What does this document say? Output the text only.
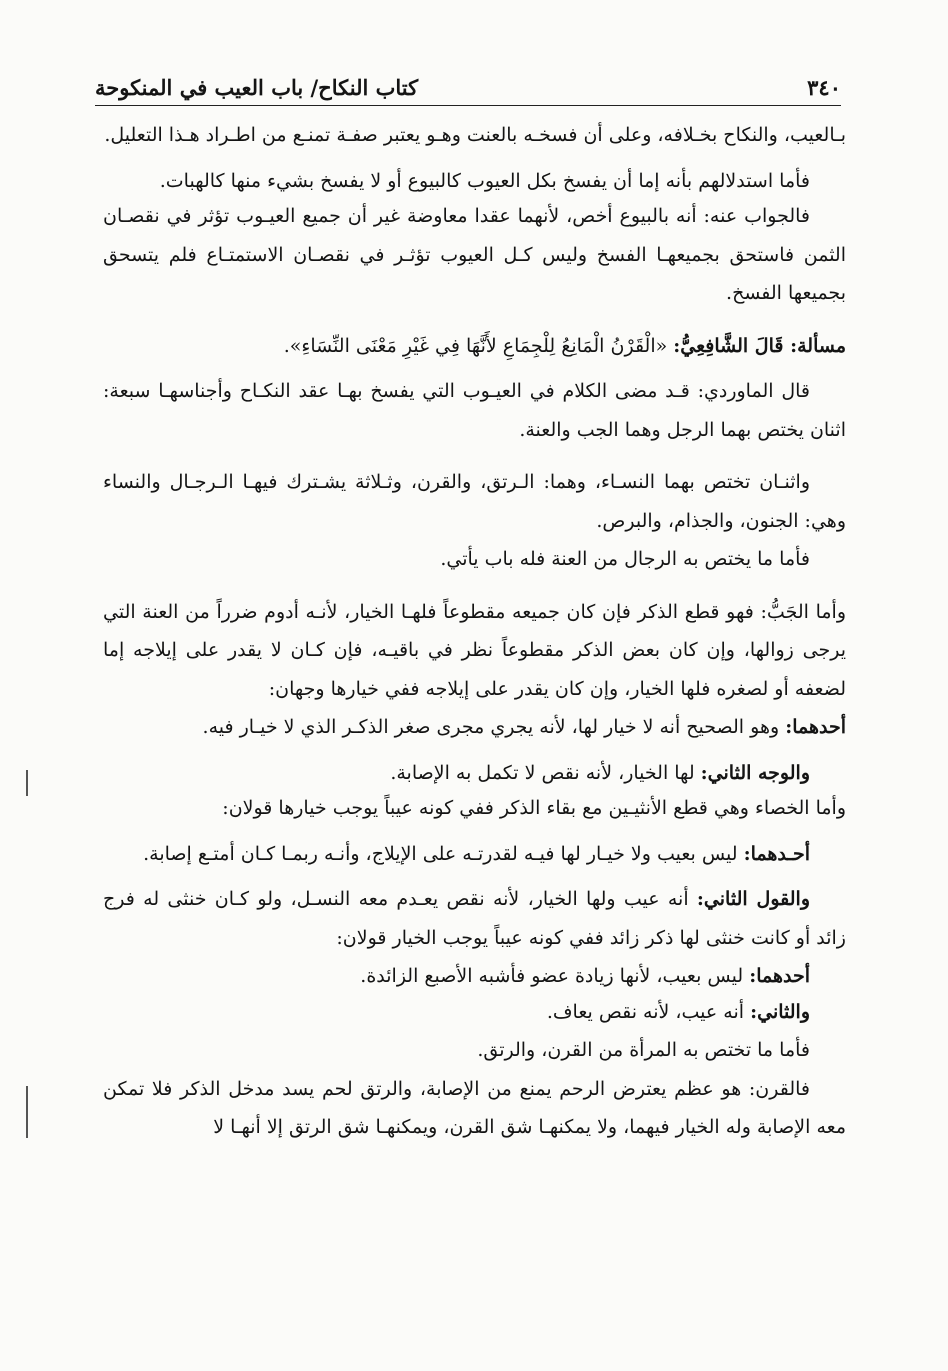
٣٤٠
كتاب النكاح/ باب العيب في المنكوحة

بـالعيب، والنكاح بخـلافه، وعلى أن فسخـه بالعنت وهـو يعتبر صفـة تمنـع من اطـراد هـذا التعليل.

فأما استدلالهم بأنه إما أن يفسخ بكل العيوب كالبيوع أو لا يفسخ بشيء منها كالهبات.

فالجواب عنه: أنه بالبيوع أخص، لأنهما عقدا معاوضة غير أن جميع العيـوب تؤثر في نقصـان الثمن فاستحق بجميعهـا الفسخ وليس كـل العيوب تؤثـر في نقصـان الاستمتـاع فلم يتسحق بجميعها الفسخ.

مسألة: قَالَ الشَّافِعِيُّ: «الْقَرْنُ الْمَانِعُ لِلْجِمَاعِ لأَنَّهَا فِي غَيْرِ مَعْنَى النِّسَاءِ».

قال الماوردي: قـد مضى الكلام في العيـوب التي يفسخ بهـا عقد النكـاح وأجناسهـا سبعة: اثنان يختص بهما الرجل وهما الجب والعنة.

واثنـان تختص بهما النسـاء، وهما: الـرتق، والقرن، وثـلاثة يشـترك فيهـا الـرجـال والنساء وهي: الجنون، والجذام، والبرص.

فأما ما يختص به الرجال من العنة فله باب يأتي.

وأما الجَبُّ: فهو قطع الذكر فإن كان جميعه مقطوعاً فلهـا الخيار، لأنـه أدوم ضرراً من العنة التي يرجى زوالها، وإن كان بعض الذكر مقطوعاً نظر في باقيـه، فإن كـان لا يقدر على إيلاجه إما لضعفه أو لصغره فلها الخيار، وإن كان يقدر على إيلاجه ففي خيارها وجهان:

أحدهما: وهو الصحيح أنه لا خيار لها، لأنه يجري مجرى صغر الذكـر الذي لا خيـار فيه.

والوجه الثاني: لها الخيار، لأنه نقص لا تكمل به الإصابة.

وأما الخصاء وهي قطع الأنثيـين مع بقاء الذكر ففي كونه عيباً يوجب خيارها قولان:

أحـدهما: ليس بعيب ولا خيـار لها فيـه لقدرتـه على الإيلاج، وأنـه ربمـا كـان أمتـع إصابة.

والقول الثاني: أنه عيب ولها الخيار، لأنه نقص يعـدم معه النسـل، ولو كـان خنثى له فرج زائد أو كانت خنثى لها ذكر زائد ففي كونه عيباً يوجب الخيار قولان:

أحدهما: ليس بعيب، لأنها زيادة عضو فأشبه الأصبع الزائدة.

والثاني: أنه عيب، لأنه نقص يعاف.

فأما ما تختص به المرأة من القرن، والرتق.

فالقرن: هو عظم يعترض الرحم يمنع من الإصابة، والرتق لحم يسد مدخل الذكر فلا تمكن معه الإصابة وله الخيار فيهما، ولا يمكنهـا شق القرن، ويمكنهـا شق الرتق إلا أنهـا لا
